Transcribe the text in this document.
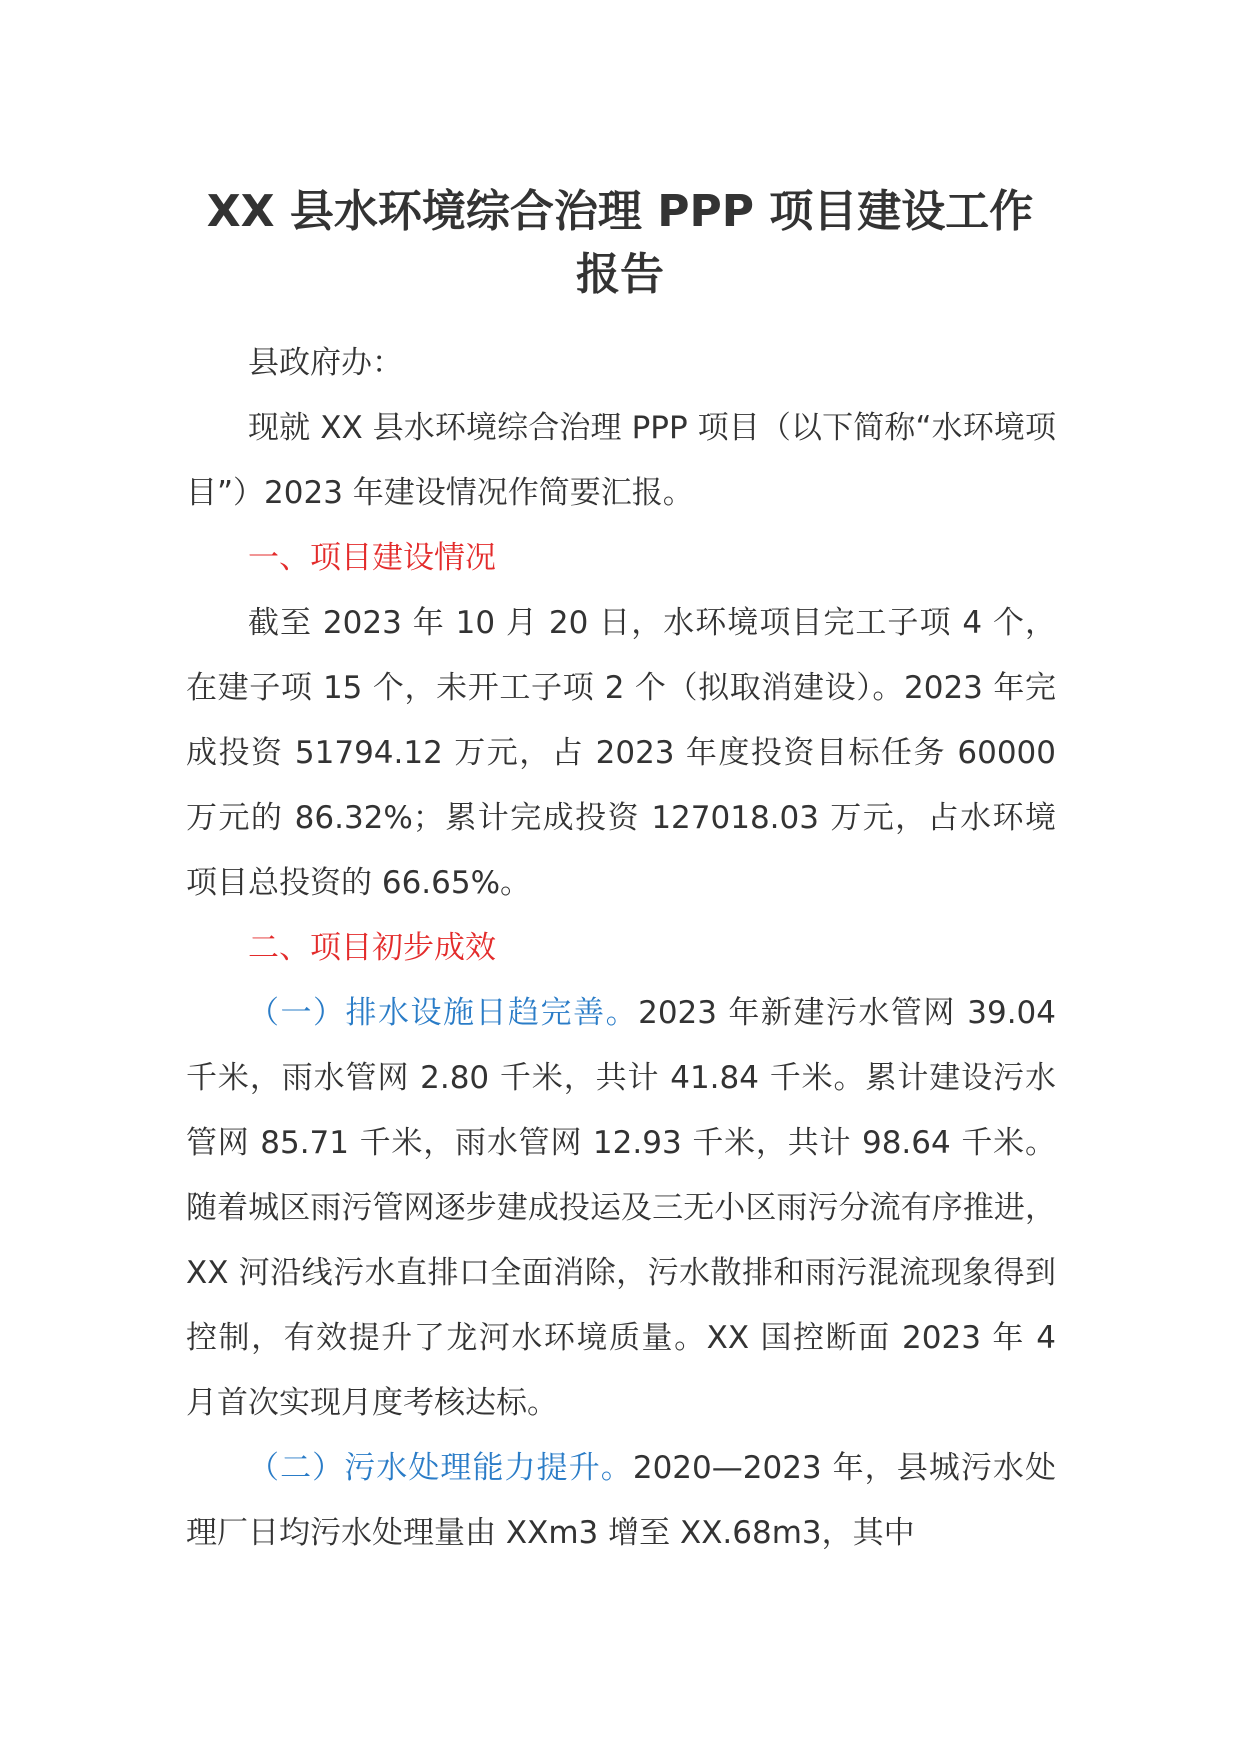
XX 县水环境综合治理 PPP 项目建设工作
报告

县政府办：

现就 XX 县水环境综合治理 PPP 项目（以下简称“水环境项目”）2023 年建设情况作简要汇报。

一、项目建设情况

截至 2023 年 10 月 20 日，水环境项目完工子项 4 个，在建子项 15 个，未开工子项 2 个（拟取消建设）。2023 年完成投资 51794.12 万元，占 2023 年度投资目标任务 60000 万元的 86.32%；累计完成投资 127018.03 万元，占水环境项目总投资的 66.65%。

二、项目初步成效

（一）排水设施日趋完善。2023 年新建污水管网 39.04 千米，雨水管网 2.80 千米，共计 41.84 千米。累计建设污水管网 85.71 千米，雨水管网 12.93 千米，共计 98.64 千米。随着城区雨污管网逐步建成投运及三无小区雨污分流有序推进，XX 河沿线污水直排口全面消除，污水散排和雨污混流现象得到控制，有效提升了龙河水环境质量。XX 国控断面 2023 年 4 月首次实现月度考核达标。

（二）污水处理能力提升。2020—2023 年，县城污水处理厂日均污水处理量由 XXm3 增至 XX.68m3，其中
